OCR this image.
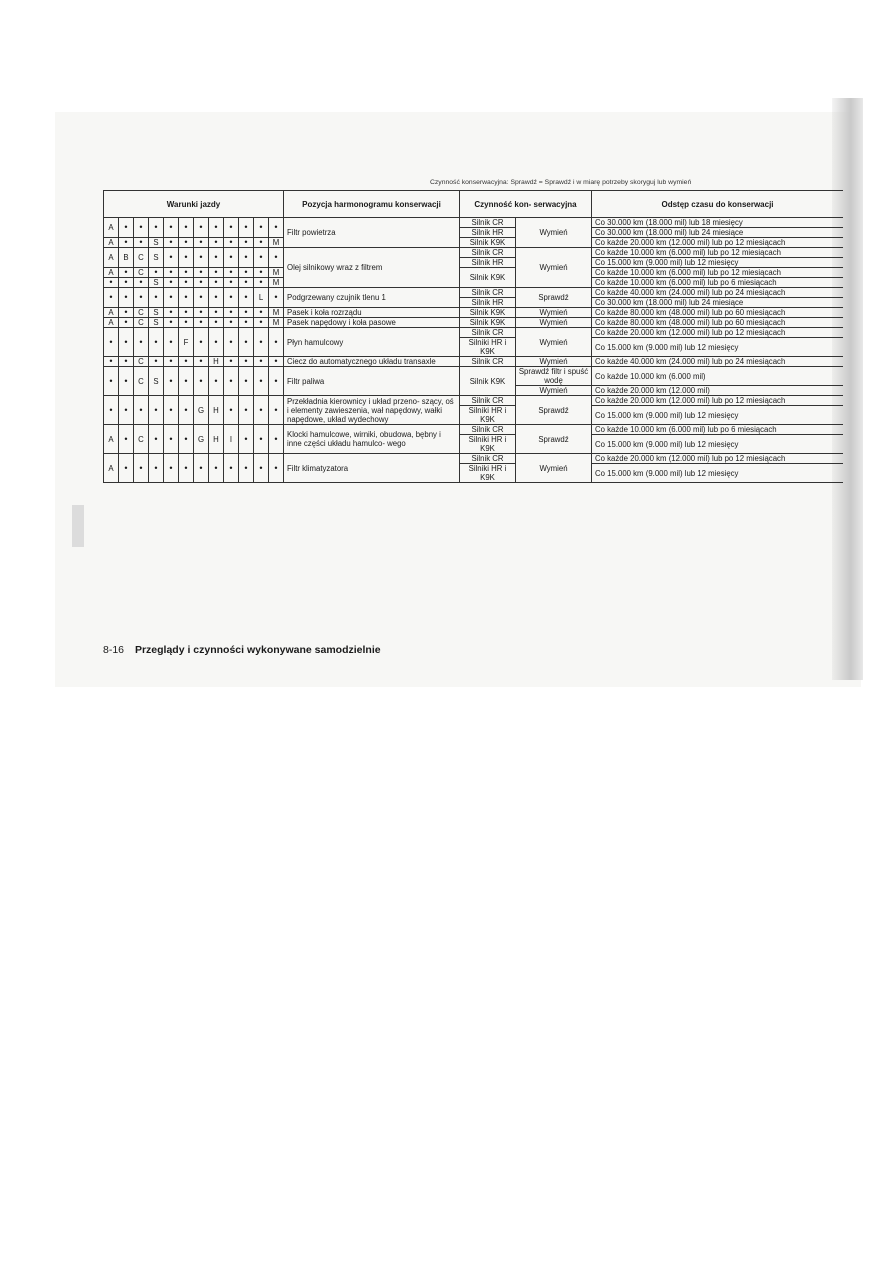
Czynność konserwacyjna: Sprawdź = Sprawdź i w miarę potrzeby skoryguj lub wymień
Warunki jazdy												Pozycja harmonogramu konserwacji	Czynność kon- serwacyjna		Odstęp czasu do konserwacji
A	•	•	•	•	•	•	•	•	•	•	•	Filtr powietrza	Silnik CR	Wymień	Co 30.000 km (18.000 mil) lub 18 miesięcy
													Silnik HR		Co 30.000 km (18.000 mil) lub 24 miesiące
A	•	•	S	•	•	•	•	•	•	•	M		Silnik K9K		Co każde 20.000 km (12.000 mil) lub po 12 miesiącach
A	B	C	S	•	•	•	•	•	•	•	•	Olej silnikowy wraz z filtrem	Silnik CR	Wymień	Co każde 10.000 km (6.000 mil) lub po 12 miesiącach
													Silnik HR		Co 15.000 km (9.000 mil) lub 12 miesięcy
A	•	C	•	•	•	•	•	•	•	•	M		Silnik K9K		Co każde 10.000 km (6.000 mil) lub po 12 miesiącach
•	•	•	S	•	•	•	•	•	•	•	M				Co każde 10.000 km (6.000 mil) lub po 6 miesiącach
•	•	•	•	•	•	•	•	•	•	L	•	Podgrzewany czujnik tlenu 1	Silnik CR	Sprawdź	Co każde 40.000 km (24.000 mil) lub po 24 miesiącach
													Silnik HR		Co 30.000 km (18.000 mil) lub 24 miesiące
A	•	C	S	•	•	•	•	•	•	•	M	Pasek i koła rozrządu	Silnik K9K	Wymień	Co każde 80.000 km (48.000 mil) lub po 60 miesiącach
A	•	C	S	•	•	•	•	•	•	•	M	Pasek napędowy i koła pasowe	Silnik K9K	Wymień	Co każde 80.000 km (48.000 mil) lub po 60 miesiącach
•	•	•	•	•	F	•	•	•	•	•	•	Płyn hamulcowy	Silnik CR	Wymień	Co każde 20.000 km (12.000 mil) lub po 12 miesiącach
													Silniki HR i K9K		Co 15.000 km (9.000 mil) lub 12 miesięcy
•	•	C	•	•	•	•	H	•	•	•	•	Ciecz do automatycznego układu transaxle	Silnik CR	Wymień	Co każde 40.000 km (24.000 mil) lub po 24 miesiącach
•	•	C	S	•	•	•	•	•	•	•	•	Filtr paliwa	Silnik K9K	Sprawdź filtr i spuść wodę	Co każde 10.000 km (6.000 mil)
														Wymień	Co każde 20.000 km (12.000 mil)
•	•	•	•	•	•	G	H	•	•	•	•	Przekładnia kierownicy i układ przeno- szący, oś i elementy zawieszenia, wał napędowy, wałki napędowe, układ wydechowy	Silnik CR	Sprawdź	Co każde 20.000 km (12.000 mil) lub po 12 miesiącach
													Silniki HR i K9K		Co 15.000 km (9.000 mil) lub 12 miesięcy
A	•	C	•	•	•	G	H	I	•	•	•	Klocki hamulcowe, wirniki, obudowa, bębny i inne części układu hamulco- wego	Silnik CR	Sprawdź	Co każde 10.000 km (6.000 mil) lub po 6 miesiącach
													Silniki HR i K9K		Co 15.000 km (9.000 mil) lub 12 miesięcy
A	•	•	•	•	•	•	•	•	•	•	•	Filtr klimatyzatora	Silnik CR	Wymień	Co każde 20.000 km (12.000 mil) lub po 12 miesiącach
													Silniki HR i K9K		Co 15.000 km (9.000 mil) lub 12 miesięcy
8-16 Przeglądy i czynności wykonywane samodzielnie
